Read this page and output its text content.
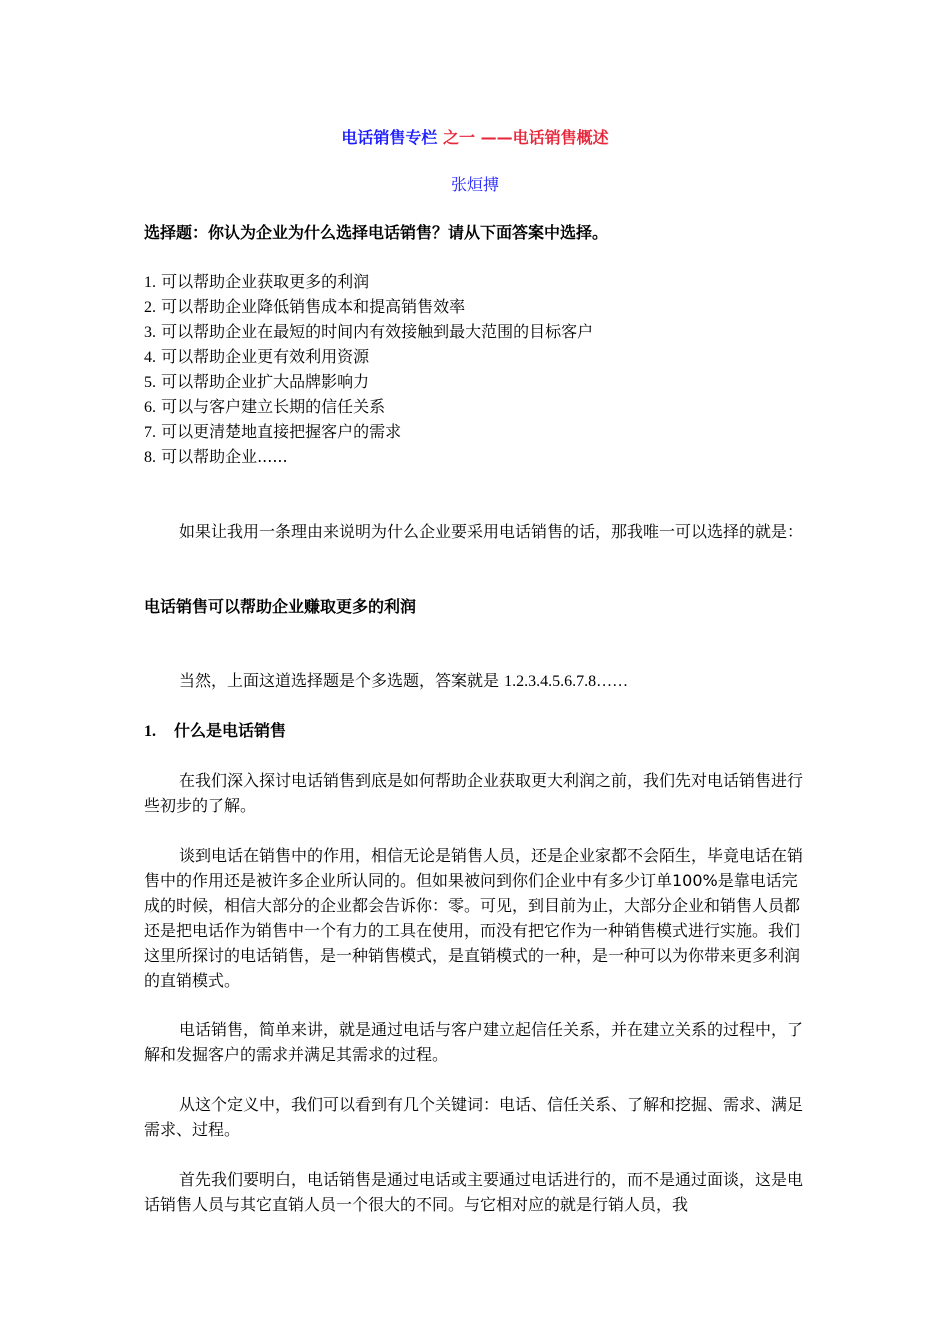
电话销售专栏 之一 ——电话销售概述
张烜搏
选择题：你认为企业为什么选择电话销售？请从下面答案中选择。
1. 可以帮助企业获取更多的利润
2. 可以帮助企业降低销售成本和提高销售效率
3. 可以帮助企业在最短的时间内有效接触到最大范围的目标客户
4. 可以帮助企业更有效利用资源
5. 可以帮助企业扩大品牌影响力
6. 可以与客户建立长期的信任关系
7. 可以更清楚地直接把握客户的需求
8. 可以帮助企业......
如果让我用一条理由来说明为什么企业要采用电话销售的话，那我唯一可以选择的就是：
电话销售可以帮助企业赚取更多的利润
当然，上面这道选择题是个多选题，答案就是 1.2.3.4.5.6.7.8……
1. 什么是电话销售
在我们深入探讨电话销售到底是如何帮助企业获取更大利润之前，我们先对电话销售进行些初步的了解。
谈到电话在销售中的作用，相信无论是销售人员，还是企业家都不会陌生，毕竟电话在销售中的作用还是被许多企业所认同的。但如果被问到你们企业中有多少订单100%是靠电话完成的时候，相信大部分的企业都会告诉你：零。可见，到目前为止，大部分企业和销售人员都还是把电话作为销售中一个有力的工具在使用，而没有把它作为一种销售模式进行实施。我们这里所探讨的电话销售，是一种销售模式，是直销模式的一种，是一种可以为你带来更多利润的直销模式。
电话销售，简单来讲，就是通过电话与客户建立起信任关系，并在建立关系的过程中，了解和发掘客户的需求并满足其需求的过程。
从这个定义中，我们可以看到有几个关键词：电话、信任关系、了解和挖掘、需求、满足需求、过程。
首先我们要明白，电话销售是通过电话或主要通过电话进行的，而不是通过面谈，这是电话销售人员与其它直销人员一个很大的不同。与它相对应的就是行销人员，我
